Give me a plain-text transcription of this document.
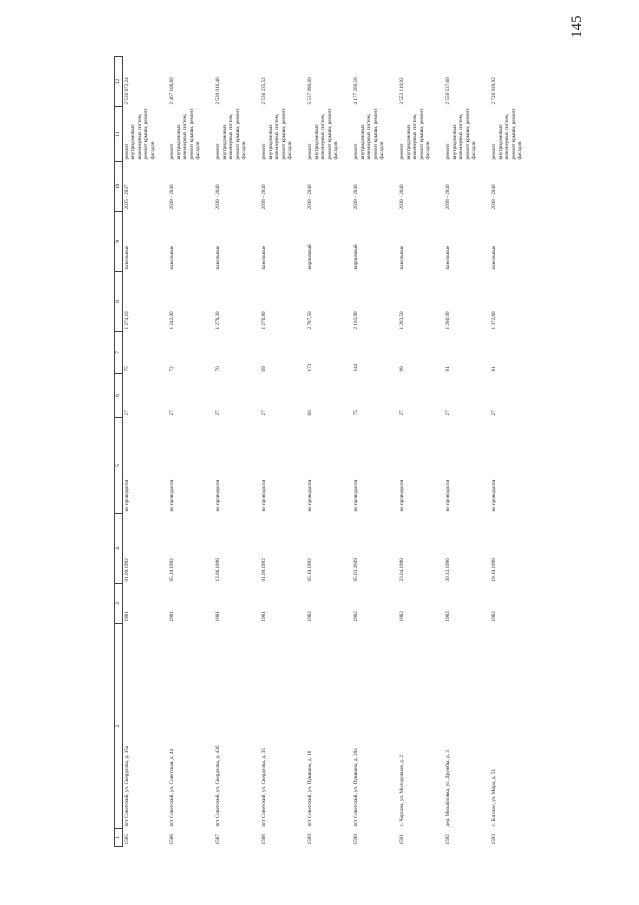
145
1	2	3	4	5	6	7	8	9	10	11	12
1585	пгт Советский, ул. Свердлова, д. 35а	1981	01.09.1992	не проводился	27	75	1 274,10	панельные	2035 - 2037	ремонт внутридомовых инженерных систем, ремонт крыши, ремонт фасадов	2 530 872,24
1586	пгт Советский, ул. Советская, д. 44	1981	05.10.1992	не проводился	27	72	1 242,00	панельные	2038 - 2040	ремонт внутридомовых инженерных систем, ремонт крыши, ремонт фасадов	2 467 108,80
1587	пгт Советский, ул. Свердлова, д. 43б	1981	13.06.1996	не проводился	27	70	1 278,20	панельные	2038 - 2040	ремонт внутридомовых инженерных систем, ремонт крыши, ремонт фасадов	2 539 016,48
1588	пгт Советский, ул. Свердлова, д. 35	1981	01.09.1992	не проводился	27	69	1 276,80	панельные	2038 - 2040	ремонт внутридомовых инженерных систем, ремонт крыши, ремонт фасадов	2 536 235,52
1589	пгт Советский, ул. Пушкина, д. 16	1982	05.10.1992	не проводился	60	173	2 787,50	кирпичный	2038 - 2040	ремонт внутридомовых инженерных систем, ремонт крыши, ремонт фасадов	5 537 090,00
1590	пгт Советский, ул. Пушкина, д. 20а	1982	05.03.2009	не проводился	75	144	2 102,90	кирпичный	2038 - 2040	ремонт внутридомовых инженерных систем, ремонт крыши, ремонт фасадов	4 177 200,56
1591	с. Чарсана, ул. Молодежная, д. 2	1982	23.04.1998	не проводился	27	99	1 283,50	панельные	2038 - 2040	ремонт внутридомовых инженерных систем, ремонт крыши, ремонт фасадов	2 553 119,92
1592	дер. Михайловка, ул. Дружбы, д. 3	1982	30.12.1996	не проводился	27	81	1 286,00	панельные	2038 - 2040	ремонт внутридомовых инженерных систем, ремонт крыши, ремонт фасадов	2 550 537,60
1593	с. Богское, ул. Мира, д. 51	1982	19.10.1998	не проводился	27	81	1 372,80	панельные	2038 - 2040	ремонт внутридомовых инженерных систем, ремонт крыши, ремонт фасадов	2 726 939,92
